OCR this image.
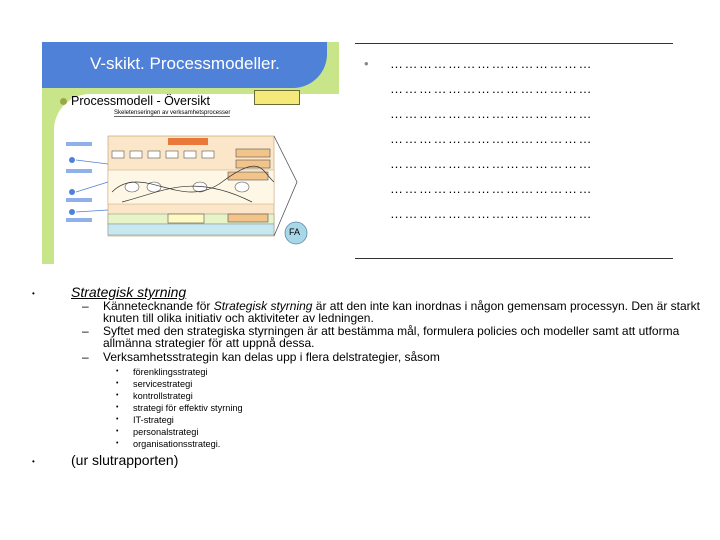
V-skikt. Processmodeller.
Processmodell - Översikt
Skeletenseringen av verksamhetsprocesser
FA
• ……………………………………
……………………………………
……………………………………
……………………………………
……………………………………
……………………………………
……………………………………
•	Strategisk styrning
– Kännetecknande för Strategisk styrning är att den inte kan inordnas i någon gemensam processyn. Den är starkt knuten till olika initiativ och aktiviteter av ledningen.
– Syftet med den strategiska styrningen är att bestämma mål, formulera policies och modeller samt att utforma allmänna strategier för att uppnå dessa.
– Verksamhetsstrategin kan delas upp i flera delstrategier, såsom
• förenklingsstrategi
• servicestrategi
• kontrollstrategi
• strategi för effektiv styrning
• IT-strategi
• personalstrategi
• organisationsstrategi.
•	(ur slutrapporten)
